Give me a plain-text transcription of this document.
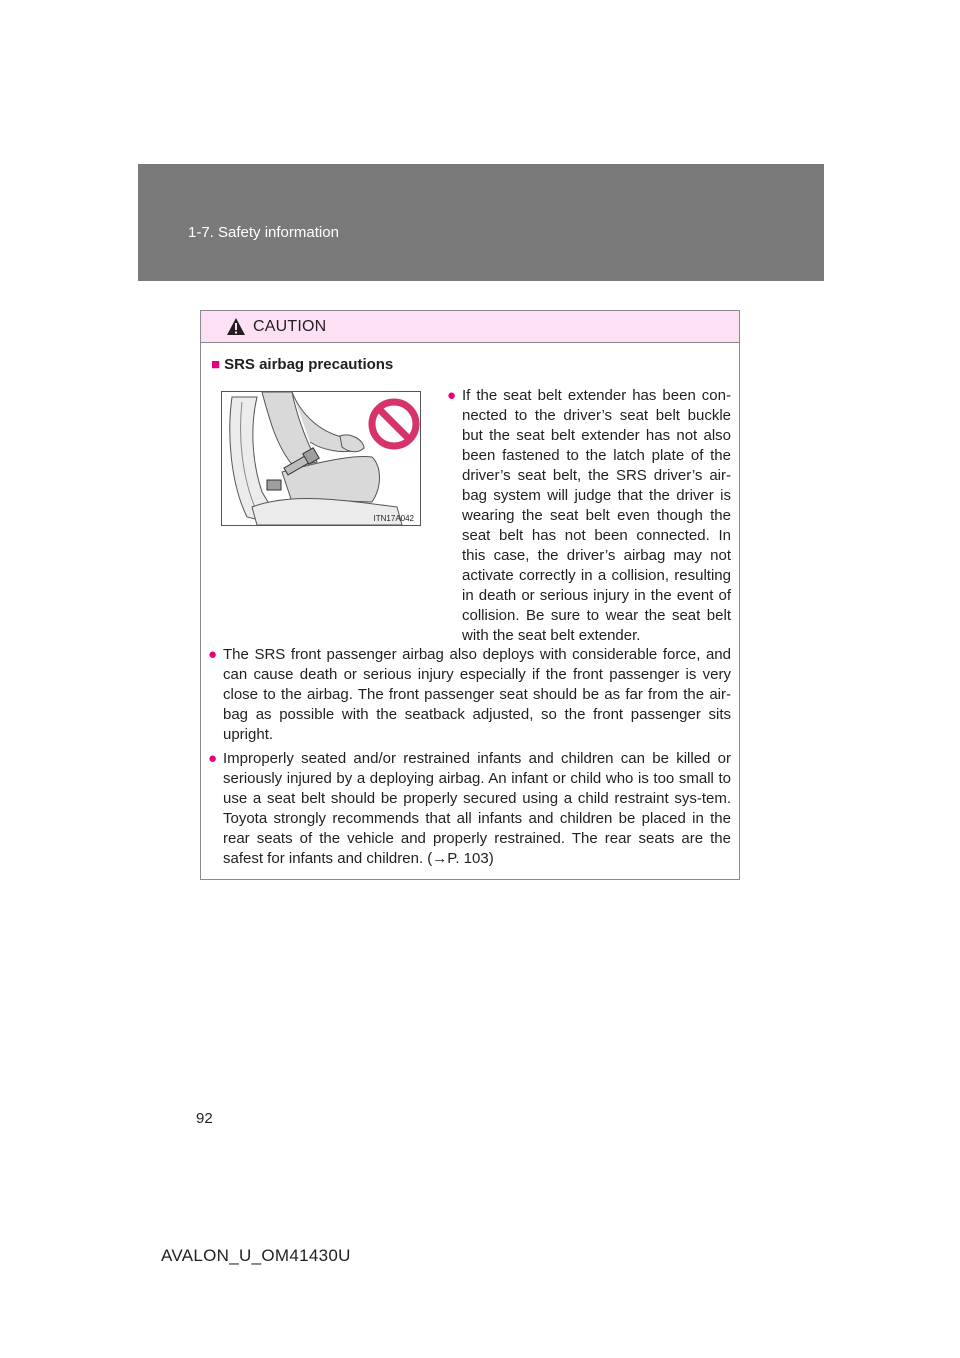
1-7. Safety information
CAUTION
■ SRS airbag precautions
ITN17A042
● If the seat belt extender has been con-nected to the driver’s seat belt buckle but the seat belt extender has not also been fastened to the latch plate of the driver’s seat belt, the SRS driver’s air-bag system will judge that the driver is wearing the seat belt even though the seat belt has not been connected. In this case, the driver’s airbag may not activate correctly in a collision, resulting in death or serious injury in the event of collision. Be sure to wear the seat belt with the seat belt extender.
● The SRS front passenger airbag also deploys with considerable force, and can cause death or serious injury especially if the front passenger is very close to the airbag. The front passenger seat should be as far from the air-bag as possible with the seatback adjusted, so the front passenger sits upright.
● Improperly seated and/or restrained infants and children can be killed or seriously injured by a deploying airbag. An infant or child who is too small to use a seat belt should be properly secured using a child restraint sys-tem. Toyota strongly recommends that all infants and children be placed in the rear seats of the vehicle and properly restrained. The rear seats are the safest for infants and children. (→P. 103)
92
AVALON_U_OM41430U
